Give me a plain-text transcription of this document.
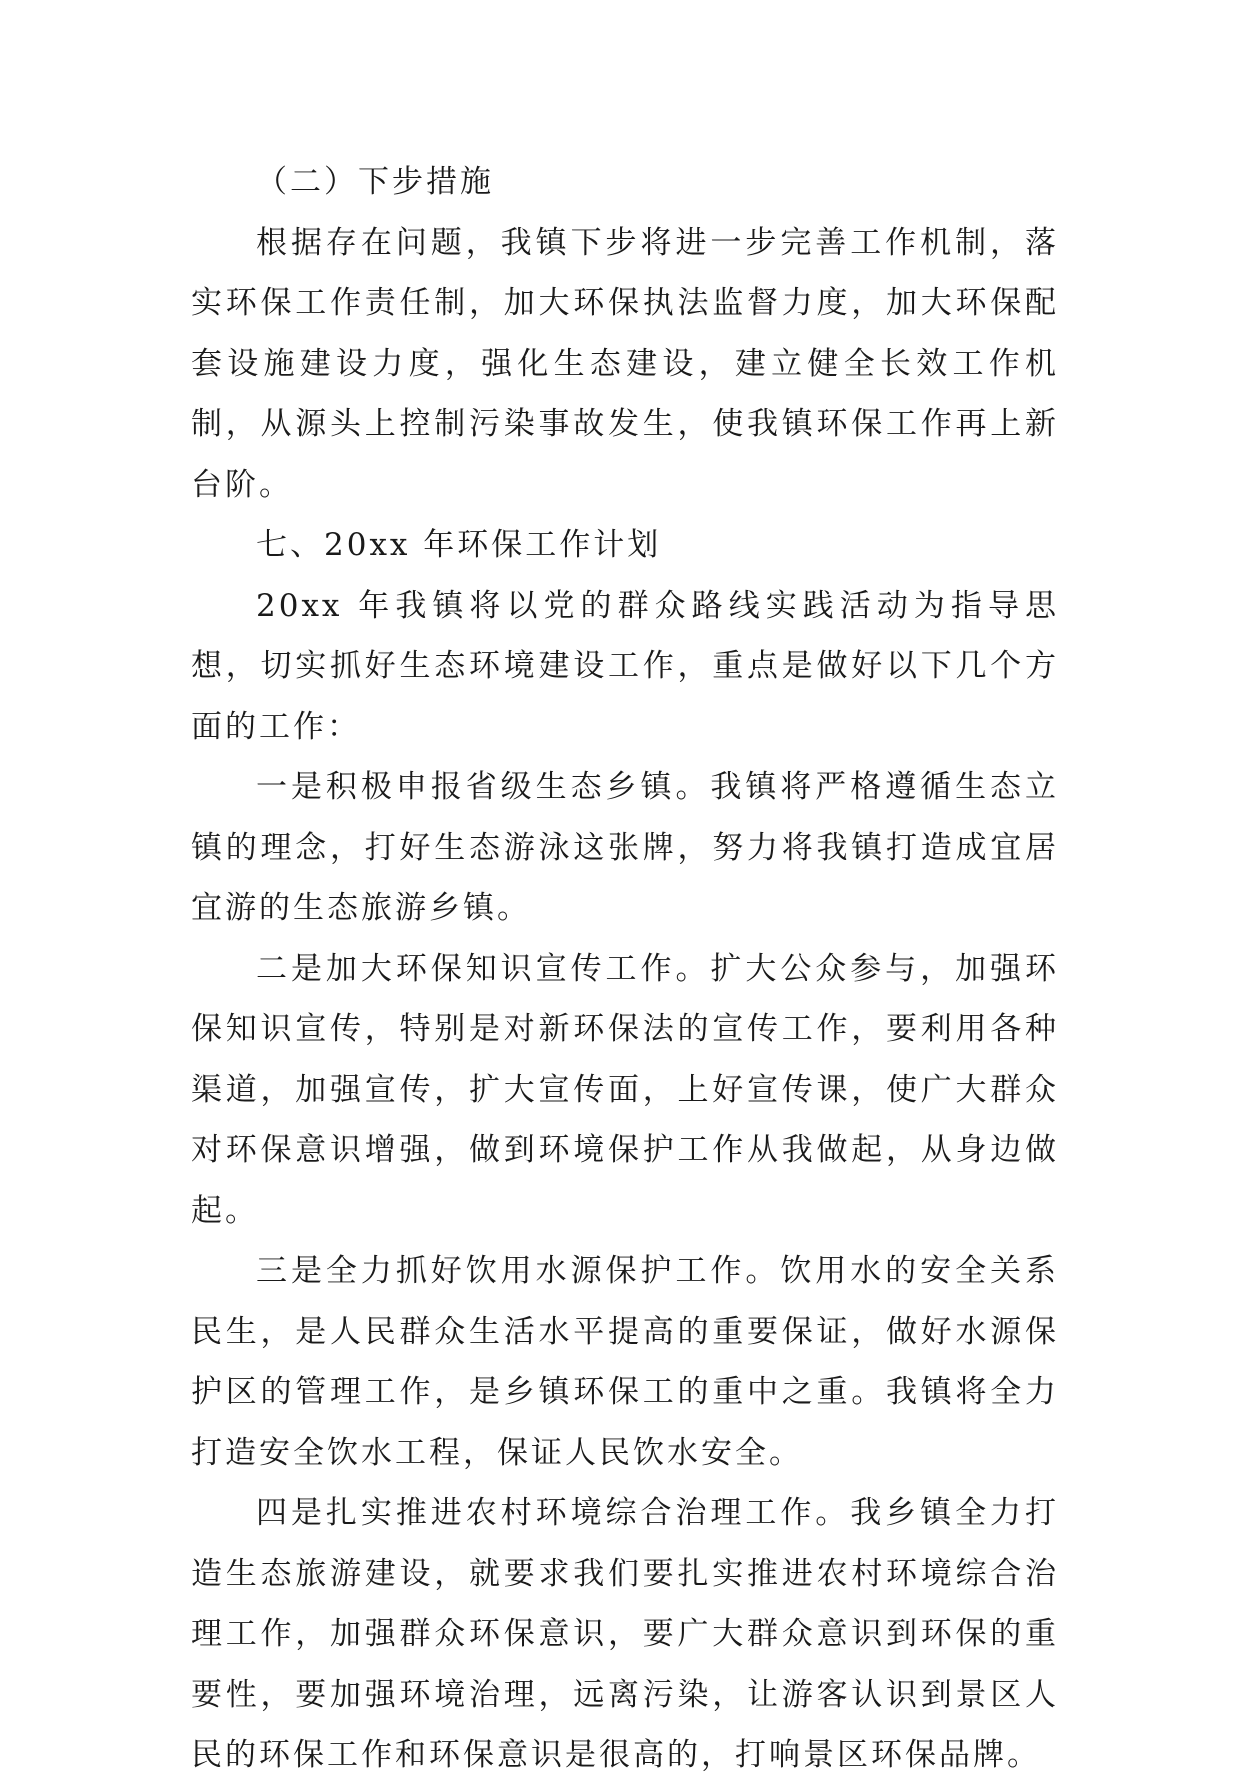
（二）下步措施

根据存在问题，我镇下步将进一步完善工作机制，落实环保工作责任制，加大环保执法监督力度，加大环保配套设施建设力度，强化生态建设，建立健全长效工作机制，从源头上控制污染事故发生，使我镇环保工作再上新台阶。

七、20xx 年环保工作计划

20xx 年我镇将以党的群众路线实践活动为指导思想，切实抓好生态环境建设工作，重点是做好以下几个方面的工作：

一是积极申报省级生态乡镇。我镇将严格遵循生态立镇的理念，打好生态游泳这张牌，努力将我镇打造成宜居宜游的生态旅游乡镇。

二是加大环保知识宣传工作。扩大公众参与，加强环保知识宣传，特别是对新环保法的宣传工作，要利用各种渠道，加强宣传，扩大宣传面，上好宣传课，使广大群众对环保意识增强，做到环境保护工作从我做起，从身边做起。

三是全力抓好饮用水源保护工作。饮用水的安全关系民生，是人民群众生活水平提高的重要保证，做好水源保护区的管理工作，是乡镇环保工的重中之重。我镇将全力打造安全饮水工程，保证人民饮水安全。

四是扎实推进农村环境综合治理工作。我乡镇全力打造生态旅游建设，就要求我们要扎实推进农村环境综合治理工作，加强群众环保意识，要广大群众意识到环保的重要性，要加强环境治理，远离污染，让游客认识到景区人民的环保工作和环保意识是很高的，打响景区环保品牌。
